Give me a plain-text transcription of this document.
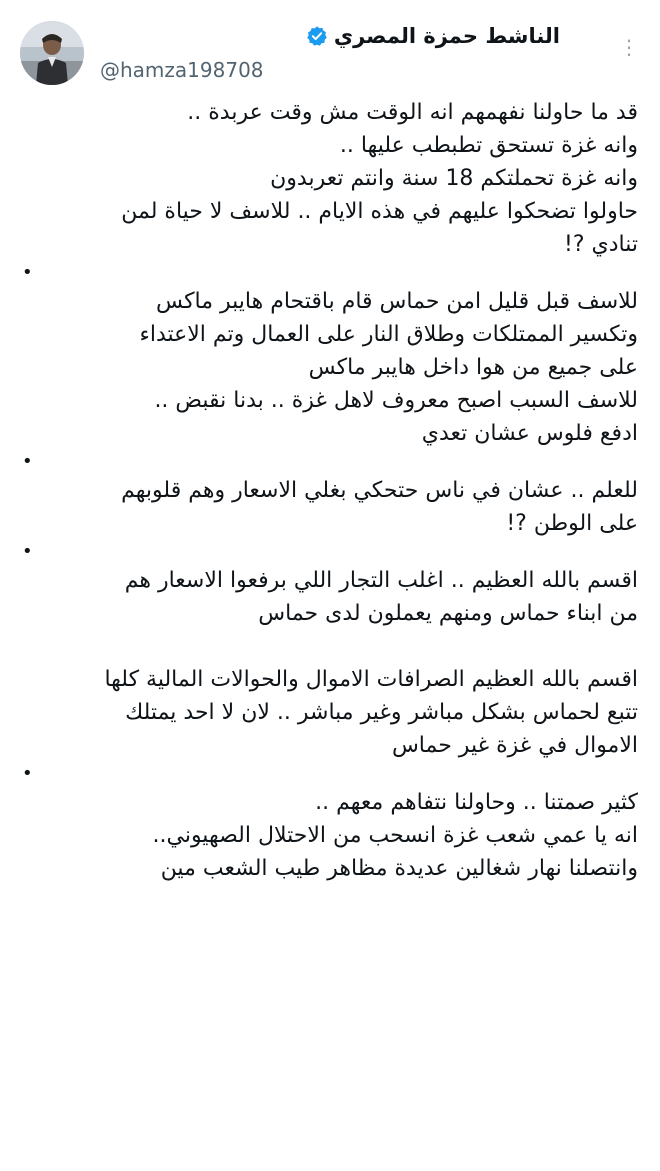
الناشط حمزة المصري
@hamza198708
⋮
قد ما حاولنا نفهمهم انه الوقت مش وقت عربدة ..
وانه غزة تستحق تطبطب عليها ..
وانه غزة تحملتكم 18 سنة وانتم تعربدون
حاولوا تضحكوا عليهم في هذه الايام .. للاسف لا حياة لمن
تنادي ?!
•
للاسف قبل قليل امن حماس قام باقتحام هايبر ماكس
وتكسير الممتلكات وطلاق النار على العمال وتم الاعتداء
على جميع من هوا داخل هايبر ماكس
للاسف السبب اصبح معروف لاهل غزة .. بدنا نقبض ..
ادفع فلوس عشان تعدي
•
للعلم .. عشان في ناس حتحكي بغلي الاسعار وهم قلوبهم
على الوطن ?!
•
اقسم بالله العظيم .. اغلب التجار اللي برفعوا الاسعار هم
من ابناء حماس ومنهم يعملون لدى حماس
اقسم بالله العظيم الصرافات الاموال والحوالات المالية كلها
تتبع لحماس بشكل مباشر وغير مباشر .. لان لا احد يمتلك
الاموال في غزة غير حماس
•
كثير صمتنا .. وحاولنا نتفاهم معهم ..
انه يا عمي شعب غزة انسحب من الاحتلال الصهيوني..
وانتصلنا نهار شغالين عديدة مظاهر طيب الشعب مين
